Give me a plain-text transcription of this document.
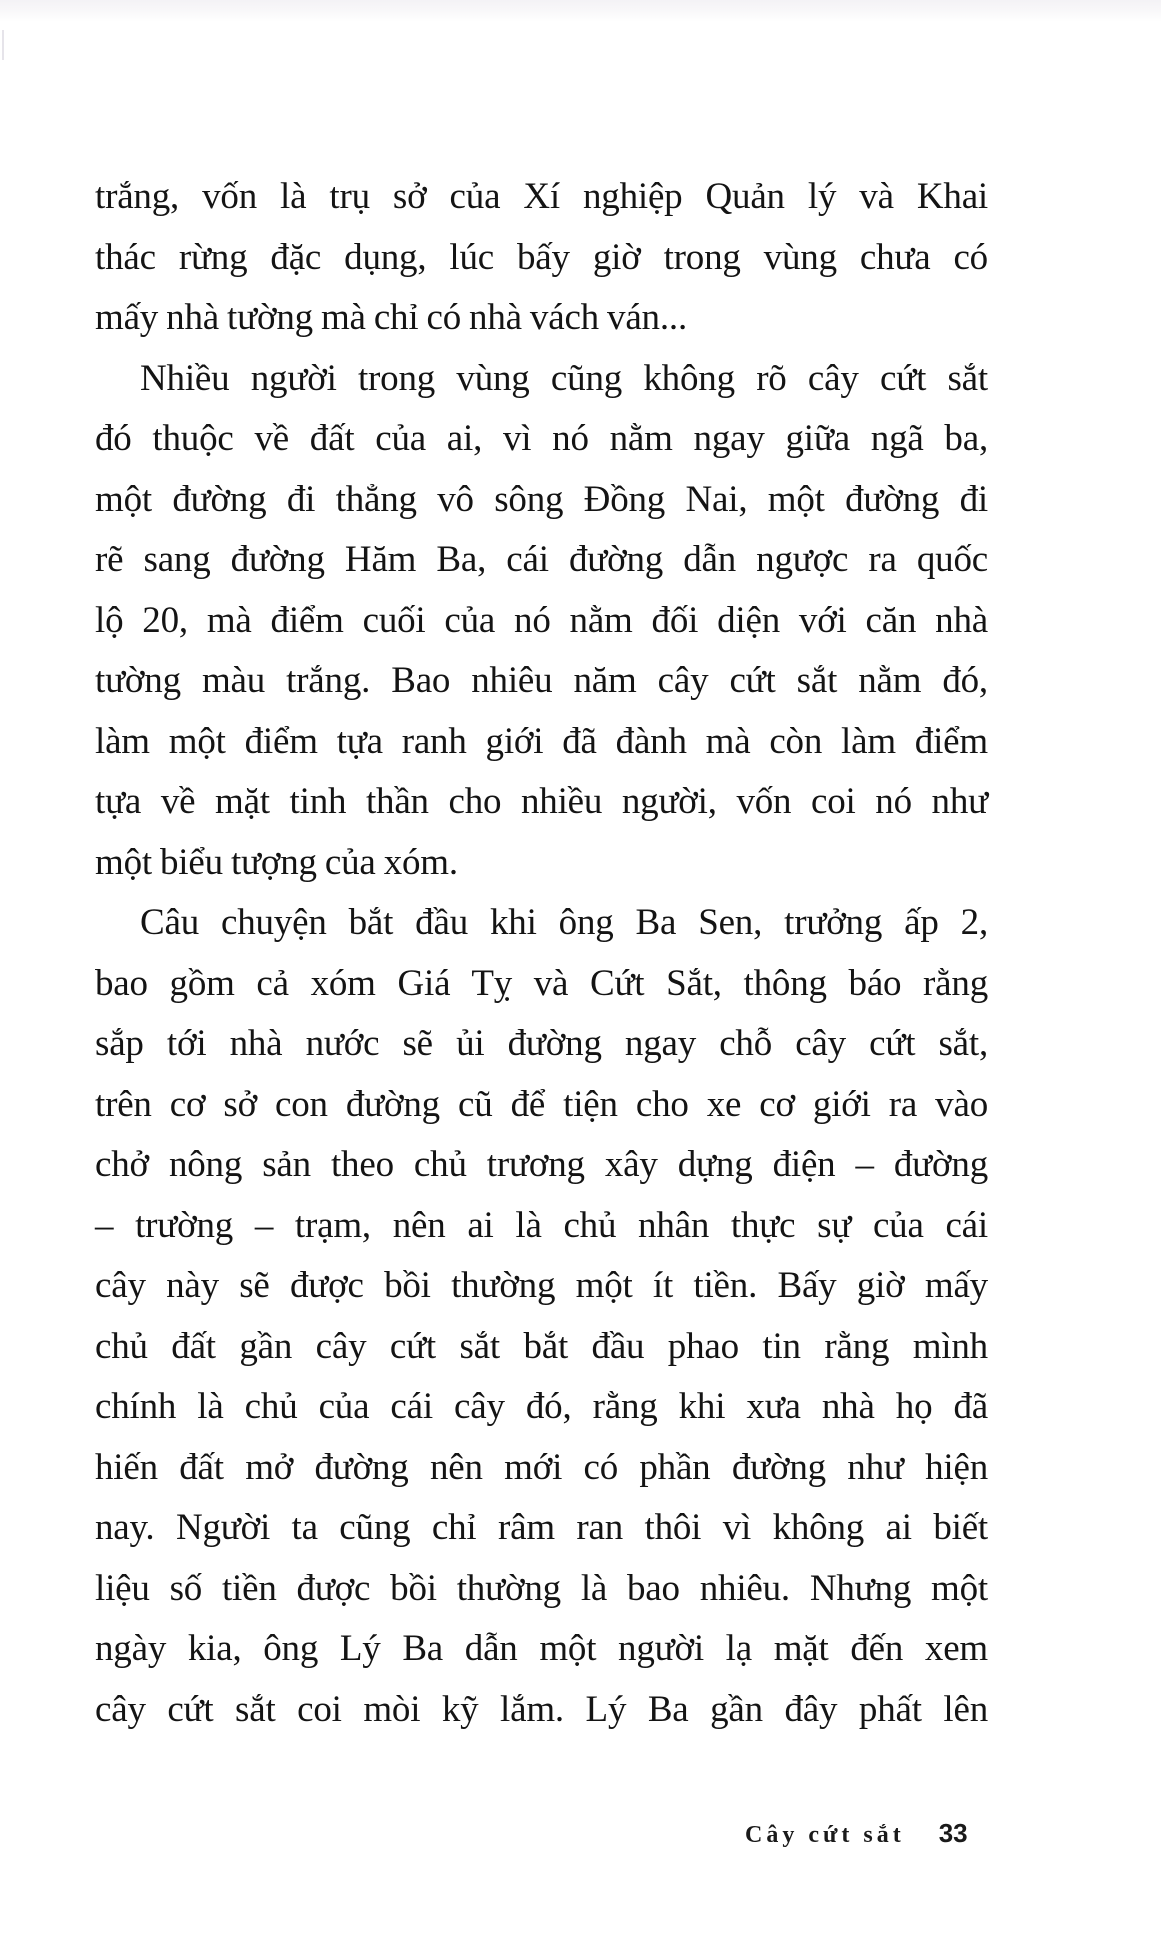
trắng, vốn là trụ sở của Xí nghiệp Quản lý và Khai
thác rừng đặc dụng, lúc bấy giờ trong vùng chưa có
mấy nhà tường mà chỉ có nhà vách ván...
Nhiều người trong vùng cũng không rõ cây cứt sắt
đó thuộc về đất của ai, vì nó nằm ngay giữa ngã ba,
một đường đi thẳng vô sông Đồng Nai, một đường đi
rẽ sang đường Hăm Ba, cái đường dẫn ngược ra quốc
lộ 20, mà điểm cuối của nó nằm đối diện với căn nhà
tường màu trắng. Bao nhiêu năm cây cứt sắt nằm đó,
làm một điểm tựa ranh giới đã đành mà còn làm điểm
tựa về mặt tinh thần cho nhiều người, vốn coi nó như
một biểu tượng của xóm.
Câu chuyện bắt đầu khi ông Ba Sen, trưởng ấp 2,
bao gồm cả xóm Giá Tỵ và Cứt Sắt, thông báo rằng
sắp tới nhà nước sẽ ủi đường ngay chỗ cây cứt sắt,
trên cơ sở con đường cũ để tiện cho xe cơ giới ra vào
chở nông sản theo chủ trương xây dựng điện – đường
– trường – trạm, nên ai là chủ nhân thực sự của cái
cây này sẽ được bồi thường một ít tiền. Bấy giờ mấy
chủ đất gần cây cứt sắt bắt đầu phao tin rằng mình
chính là chủ của cái cây đó, rằng khi xưa nhà họ đã
hiến đất mở đường nên mới có phần đường như hiện
nay. Người ta cũng chỉ râm ran thôi vì không ai biết
liệu số tiền được bồi thường là bao nhiêu. Nhưng một
ngày kia, ông Lý Ba dẫn một người lạ mặt đến xem
cây cứt sắt coi mòi kỹ lắm. Lý Ba gần đây phất lên
Cây cứt sắt 33
